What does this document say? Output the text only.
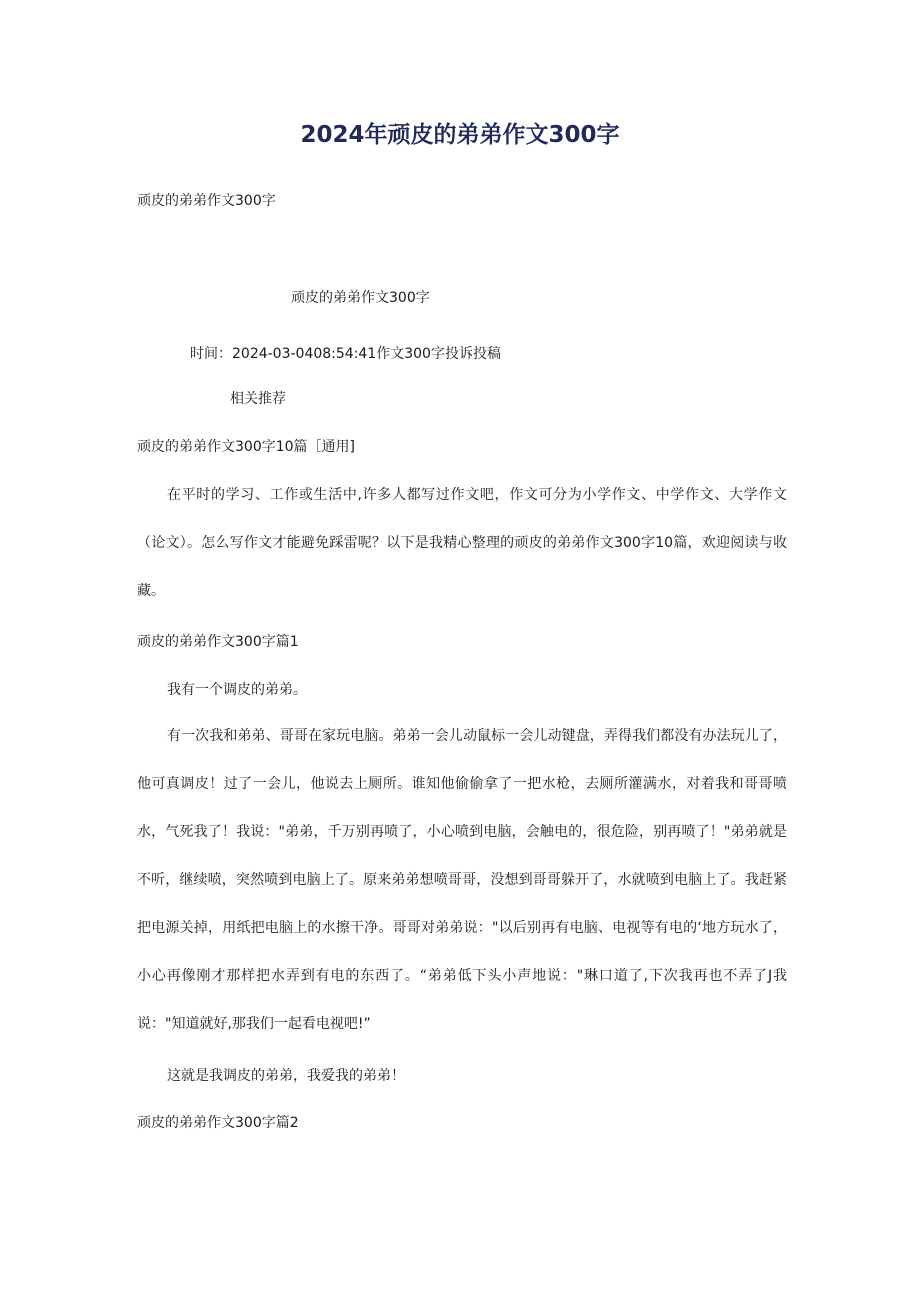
2024年顽皮的弟弟作文300字
顽皮的弟弟作文300字
顽皮的弟弟作文300字
时间：2024-03-0408:54:41作文300字投诉投稿
相关推荐
顽皮的弟弟作文300字10篇［通用]
在平时的学习、工作或生活中,许多人都写过作文吧，作文可分为小学作文、中学作文、大学作文（论文）。怎么写作文才能避免踩雷呢？以下是我精心整理的顽皮的弟弟作文300字10篇，欢迎阅读与收藏。
顽皮的弟弟作文300字篇1
我有一个调皮的弟弟。
有一次我和弟弟、哥哥在家玩电脑。弟弟一会儿动鼠标一会儿动键盘，弄得我们都没有办法玩儿了，他可真调皮！过了一会儿，他说去上厕所。谁知他偷偷拿了一把水枪，去厕所灌满水，对着我和哥哥喷水，气死我了！我说："弟弟，千万别再喷了，小心喷到电脑，会触电的，很危险，别再喷了！"弟弟就是不听，继续喷，突然喷到电脑上了。原来弟弟想喷哥哥，没想到哥哥躲开了，水就喷到电脑上了。我赶紧把电源关掉，用纸把电脑上的水擦干净。哥哥对弟弟说："以后别再有电脑、电视等有电的‘地方玩水了，小心再像刚才那样把水弄到有电的东西了。“弟弟低下头小声地说："琳口道了,下次我再也不弄了J我说："知道就好,那我们一起看电视吧!”
这就是我调皮的弟弟，我爱我的弟弟！
顽皮的弟弟作文300字篇2
